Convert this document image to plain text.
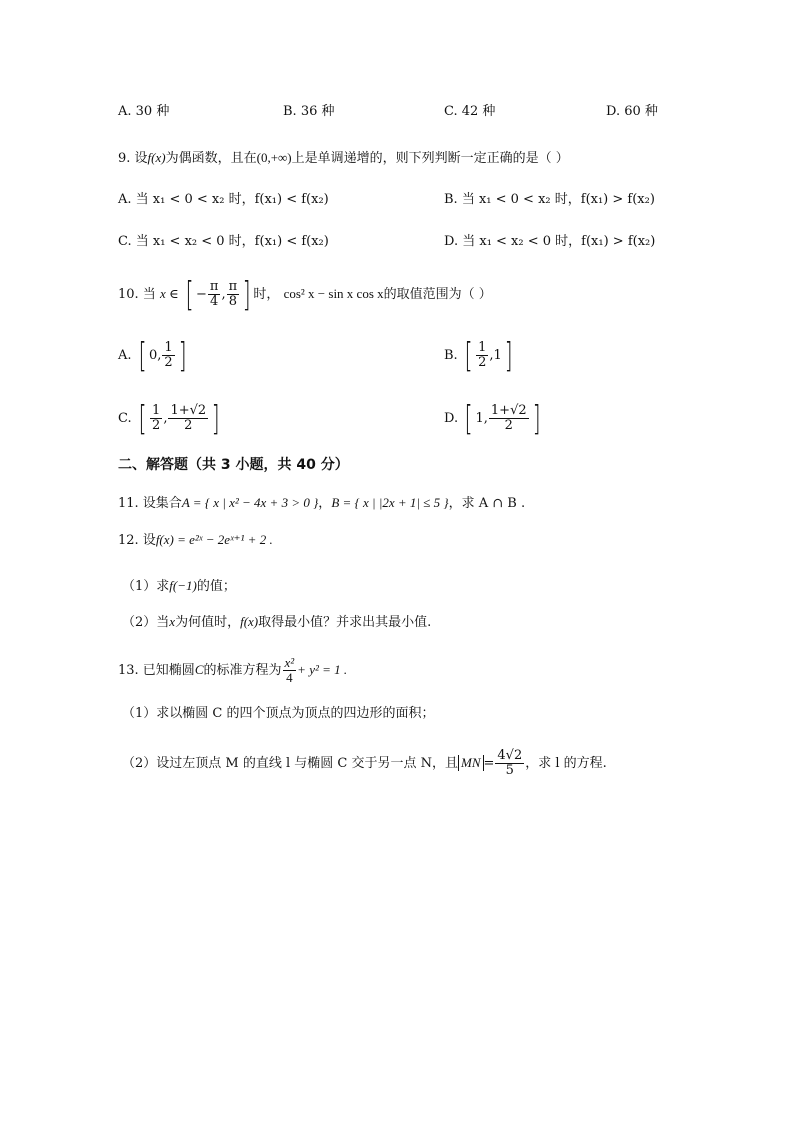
A. 30 种	B. 36 种	C. 42 种	D. 60 种
9. 设f(x)为偶函数，且在(0,+∞)上是单调递增的，则下列判断一定正确的是（ ）
A. 当 x₁ < 0 < x₂ 时，f(x₁) < f(x₂)	B. 当 x₁ < 0 < x₂ 时，f(x₁) > f(x₂)
C. 当 x₁ < x₂ < 0 时，f(x₁) < f(x₂)	D. 当 x₁ < x₂ < 0 时，f(x₁) > f(x₂)
10. 当 x ∈ [ − $\frac{\pi}{4}$ , $\frac{\pi}{8}$ ] 时， cos² x − sin x cos x的取值范围为（ ）
A. [ 0, $\frac{1}{2}$ ]	B. [ $\frac{1}{2} ,1$]
C. [ $\frac{1}{2}$ , $\frac{1+√2}{2}$ ]	D. [ 1, $\frac{1+√2}{2}$ ]
二、解答题（共 3 小题，共 40 分）
11. 设集合A = { x | x² − 4x + 3 > 0 }，B = { x | |2x + 1| ≤ 5 }，求 A ∩ B .
12. 设f(x) = e²ˣ − 2eˣ⁺¹ + 2 .
（1）求f(−1)的值；
（2）当x为何值时，f(x)取得最小值？并求出其最小值.
13. 已知椭圆C的标准方程为 $\frac{\text{x²}}{4} + y^2 = 1$ .
（1）求以椭圆 C 的四个顶点为顶点的四边形的面积；
（2）设过左顶点 M 的直线 l 与椭圆 C 交于另一点 N，且 MN = $\frac{4√2}{5}$ ，求 l 的方程.
